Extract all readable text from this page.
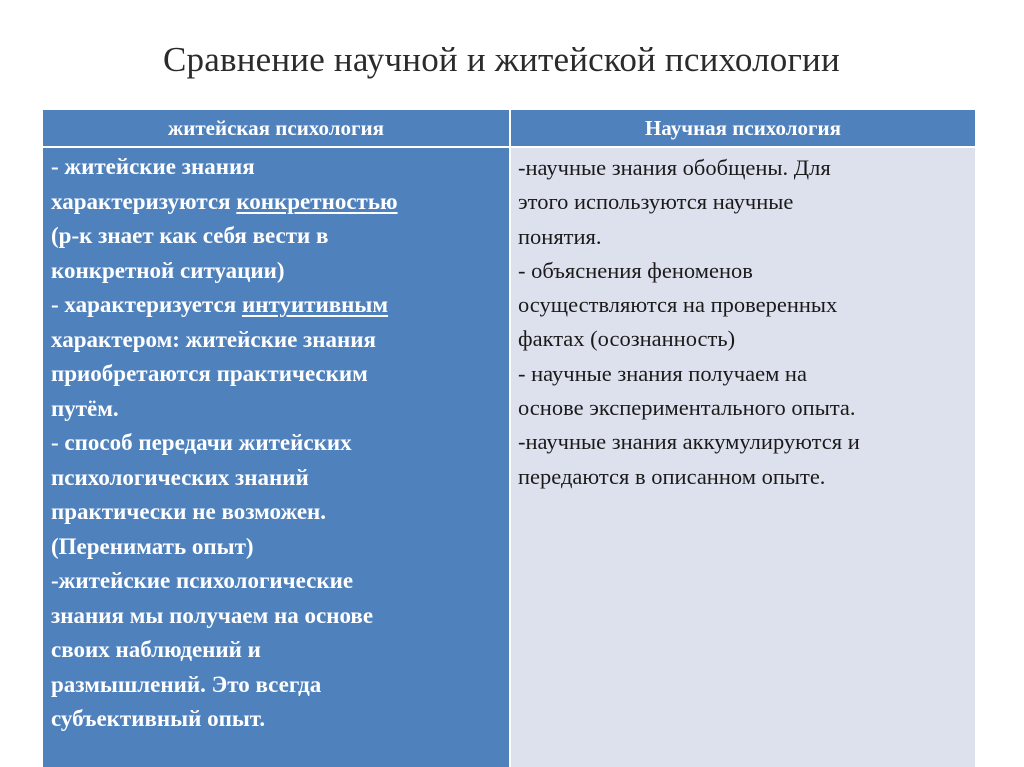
Сравнение научной и житейской психологии
житейская психология	Научная психология
- житейские знания
характеризуются конкретностью
(р-к знает как себя вести в
конкретной ситуации)
- характеризуется интуитивным
характером: житейские знания
приобретаются практическим
путём.
- способ передачи житейских
психологических знаний
практически не возможен.
(Перенимать опыт)
-житейские психологические
знания мы получаем на основе
своих наблюдений и
размышлений. Это всегда
субъективный опыт.
-научные знания обобщены. Для
этого используются научные
понятия.
- объяснения феноменов
осуществляются на проверенных
фактах (осознанность)
- научные знания получаем на
основе экспериментального опыта.
-научные знания аккумулируются и
передаются в описанном опыте.
